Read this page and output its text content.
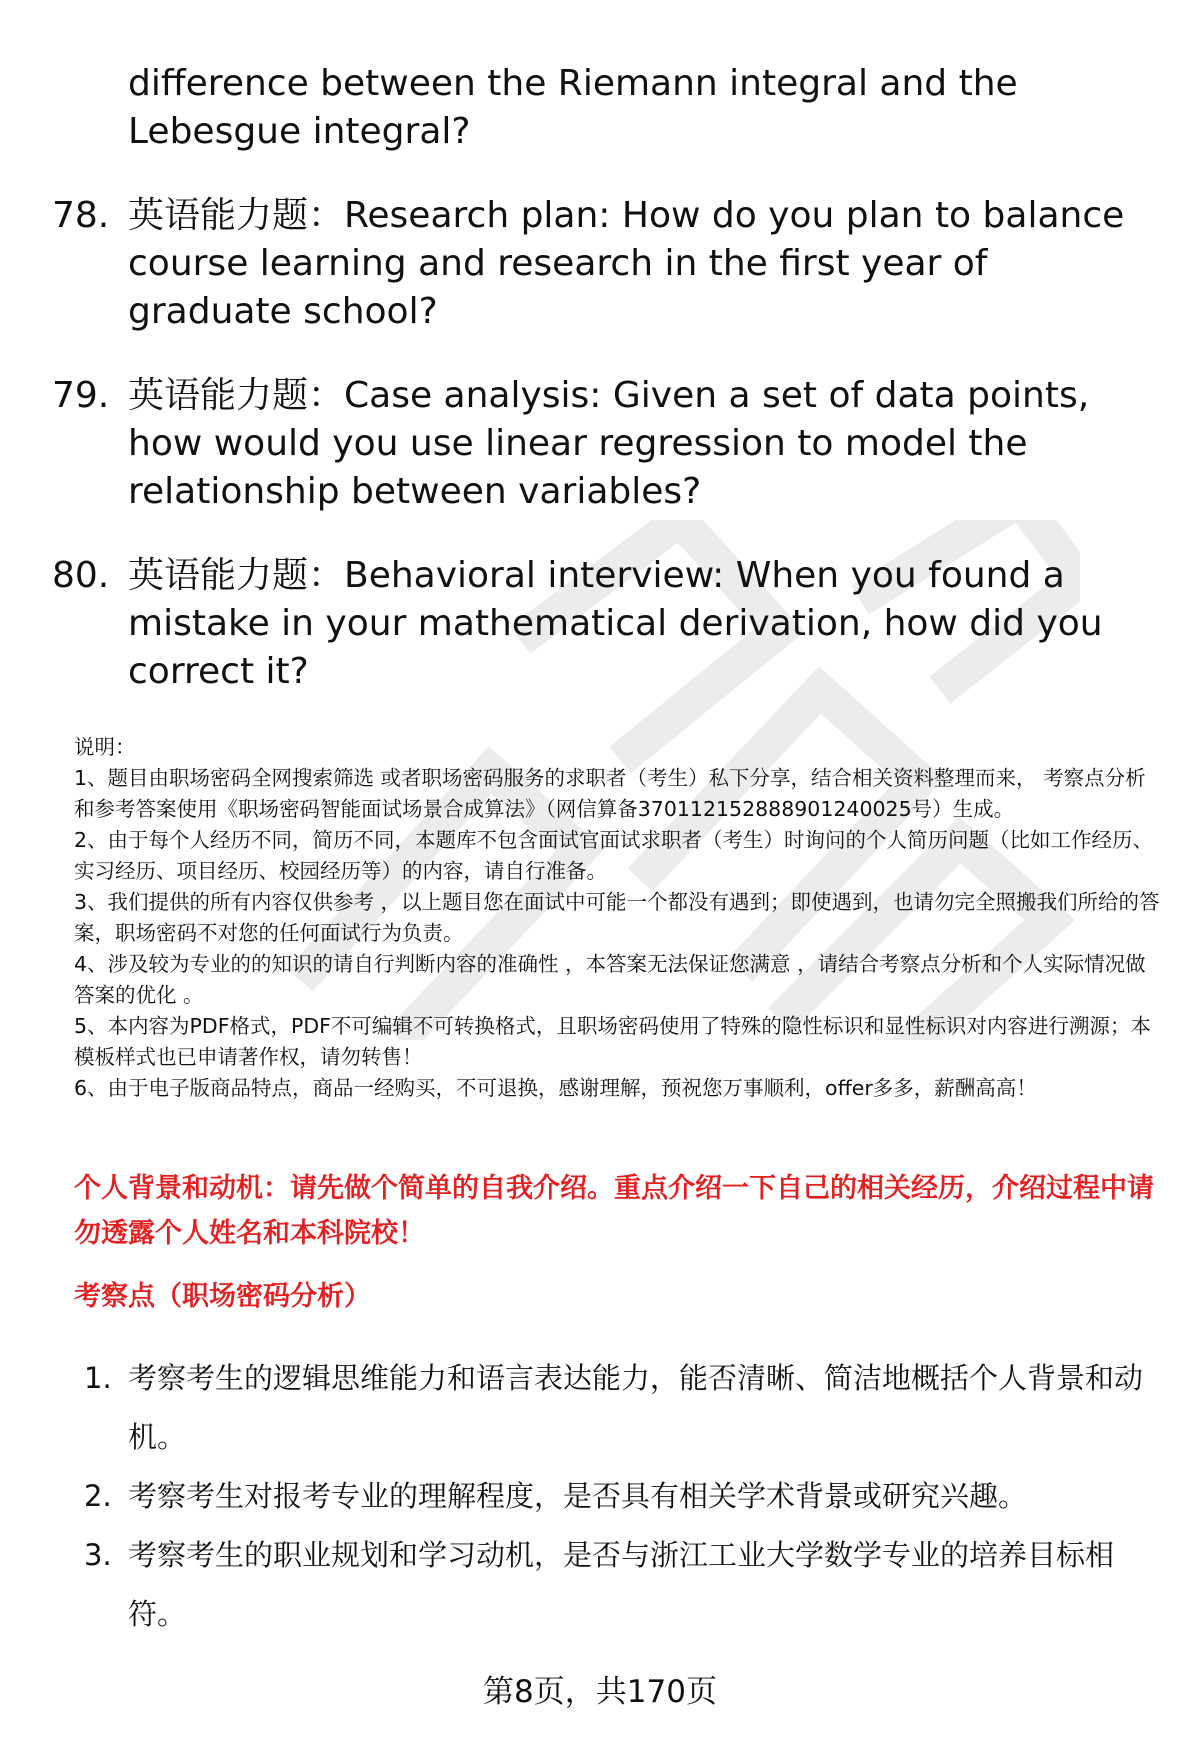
difference between the Riemann integral and the Lebesgue integral?
78. 英语能力题：Research plan: How do you plan to balance course learning and research in the first year of graduate school?
79. 英语能力题：Case analysis: Given a set of data points, how would you use linear regression to model the relationship between variables?
80. 英语能力题：Behavioral interview: When you found a mistake in your mathematical derivation, how did you correct it?

说明：

1、题目由职场密码全网搜索筛选 或者职场密码服务的求职者（考生）私下分享，结合相关资料整理而来， 考察点分析和参考答案使用《职场密码智能面试场景合成算法》（网信算备370112152888901240025号）生成。

2、由于每个人经历不同，简历不同，本题库不包含面试官面试求职者（考生）时询问的个人简历问题（比如工作经历、实习经历、项目经历、校园经历等）的内容，请自行准备。

3、我们提供的所有内容仅供参考 ，以上题目您在面试中可能一个都没有遇到；即使遇到，也请勿完全照搬我们所给的答案，职场密码不对您的任何面试行为负责。

4、涉及较为专业的的知识的请自行判断内容的准确性 ，本答案无法保证您满意 ，请结合考察点分析和个人实际情况做答案的优化 。

5、本内容为PDF格式，PDF不可编辑不可转换格式，且职场密码使用了特殊的隐性标识和显性标识对内容进行溯源；本模板样式也已申请著作权，请勿转售！

6、由于电子版商品特点，商品一经购买，不可退换，感谢理解，预祝您万事顺利，offer多多，薪酬高高！

个人背景和动机：请先做个简单的自我介绍。重点介绍一下自己的相关经历，介绍过程中请勿透露个人姓名和本科院校！
考察点（职场密码分析）
1. 考察考生的逻辑思维能力和语言表达能力，能否清晰、简洁地概括个人背景和动机。
2. 考察考生对报考专业的理解程度，是否具有相关学术背景或研究兴趣。
3. 考察考生的职业规划和学习动机，是否与浙江工业大学数学专业的培养目标相符。
第8页，共170页
